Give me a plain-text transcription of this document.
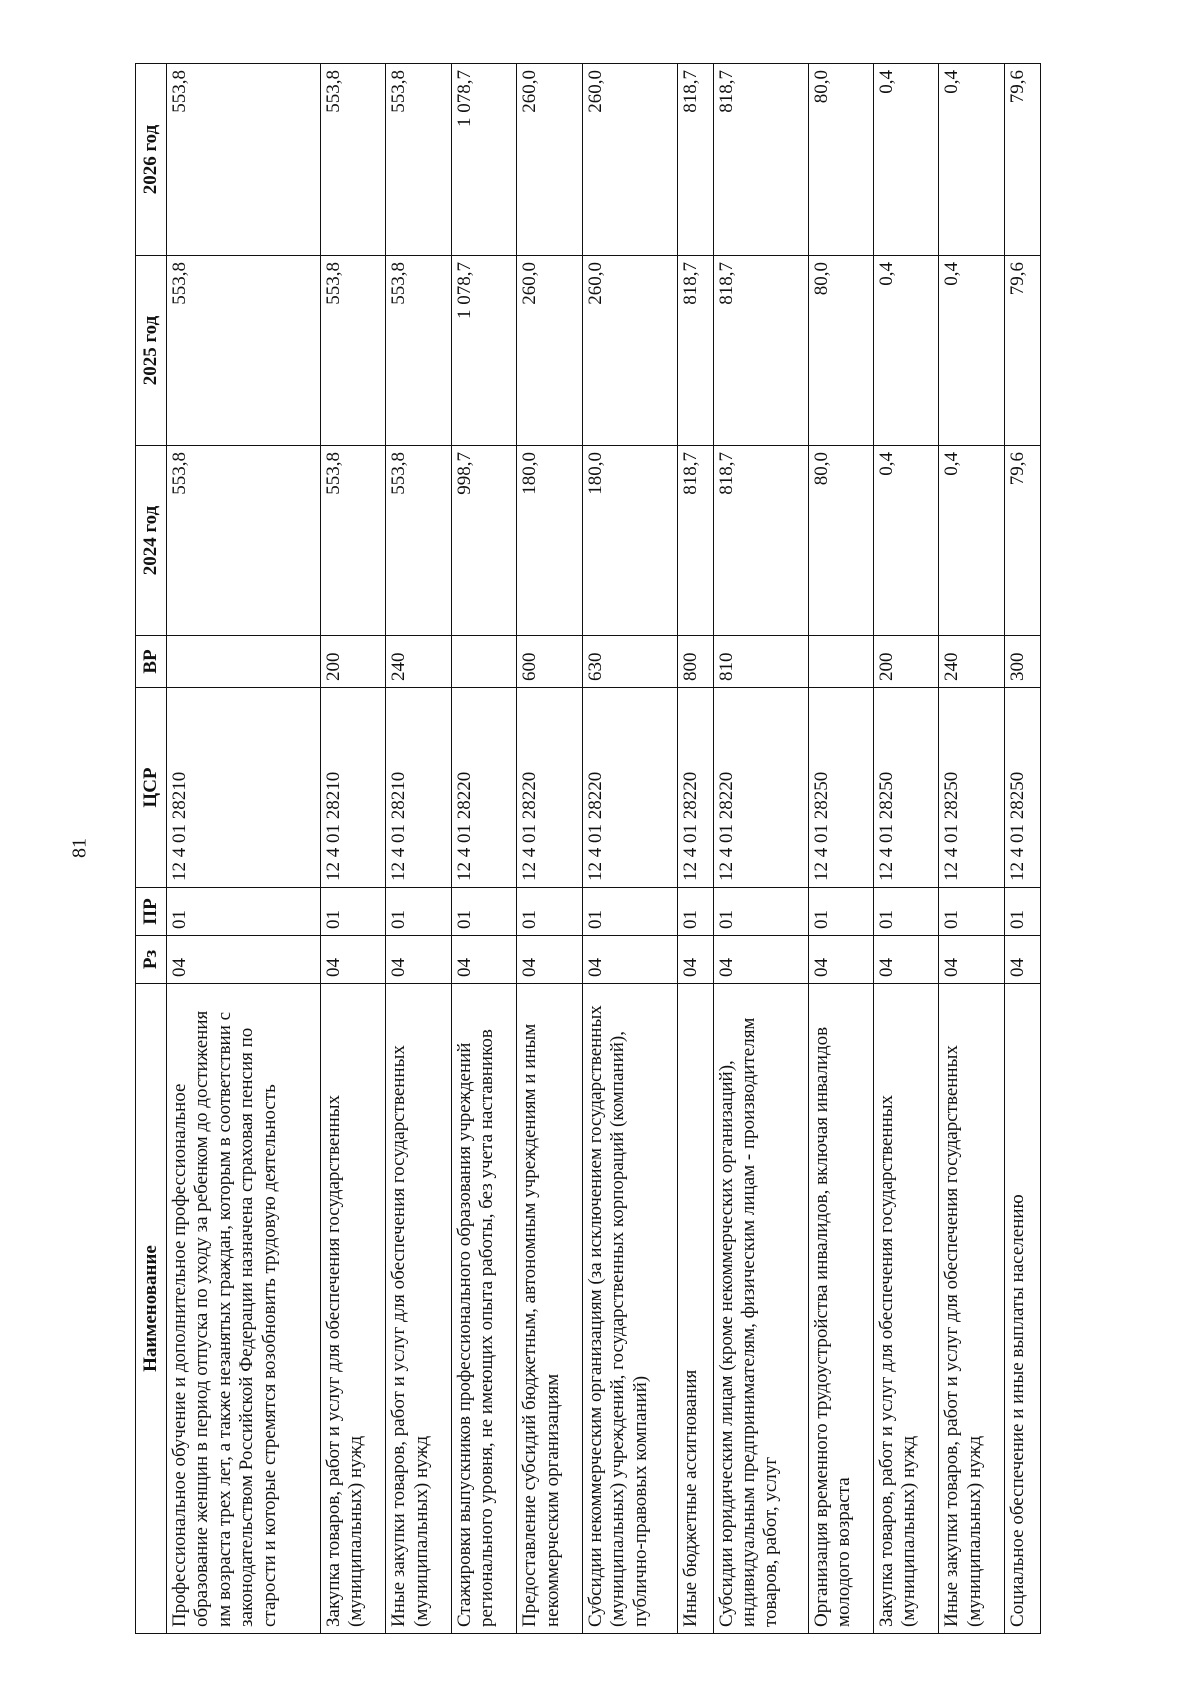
81
Наименование	Рз	ПР	ЦСР	ВР	2024 год	2025 год	2026 год
Профессиональное обучение и дополнительное профессиональное образование женщин в период отпуска по уходу за ребенком до достижения им возраста трех лет, а также незанятых граждан, которым в соответствии с законодательством Российской Федерации назначена страховая пенсия по старости и которые стремятся возобновить трудовую деятельность	04	01	12 4 01 28210		553,8	553,8	553,8
Закупка товаров, работ и услуг для обеспечения государственных (муниципальных) нужд	04	01	12 4 01 28210	200	553,8	553,8	553,8
Иные закупки товаров, работ и услуг для обеспечения государственных (муниципальных) нужд	04	01	12 4 01 28210	240	553,8	553,8	553,8
Стажировки выпускников профессионального образования учреждений регионального уровня, не имеющих опыта работы, без учета наставников	04	01	12 4 01 28220		998,7	1 078,7	1 078,7
Предоставление субсидий бюджетным, автономным учреждениям и иным некоммерческим организациям	04	01	12 4 01 28220	600	180,0	260,0	260,0
Субсидии некоммерческим организациям (за исключением государственных (муниципальных) учреждений, государственных корпораций (компаний), публично-правовых компаний)	04	01	12 4 01 28220	630	180,0	260,0	260,0
Иные бюджетные ассигнования	04	01	12 4 01 28220	800	818,7	818,7	818,7
Субсидии юридическим лицам (кроме некоммерческих организаций), индивидуальным предпринимателям, физическим лицам - производителям товаров, работ, услуг	04	01	12 4 01 28220	810	818,7	818,7	818,7
Организация временного трудоустройства инвалидов, включая инвалидов молодого возраста	04	01	12 4 01 28250		80,0	80,0	80,0
Закупка товаров, работ и услуг для обеспечения государственных (муниципальных) нужд	04	01	12 4 01 28250	200	0,4	0,4	0,4
Иные закупки товаров, работ и услуг для обеспечения государственных (муниципальных) нужд	04	01	12 4 01 28250	240	0,4	0,4	0,4
Социальное обеспечение и иные выплаты населению	04	01	12 4 01 28250	300	79,6	79,6	79,6
